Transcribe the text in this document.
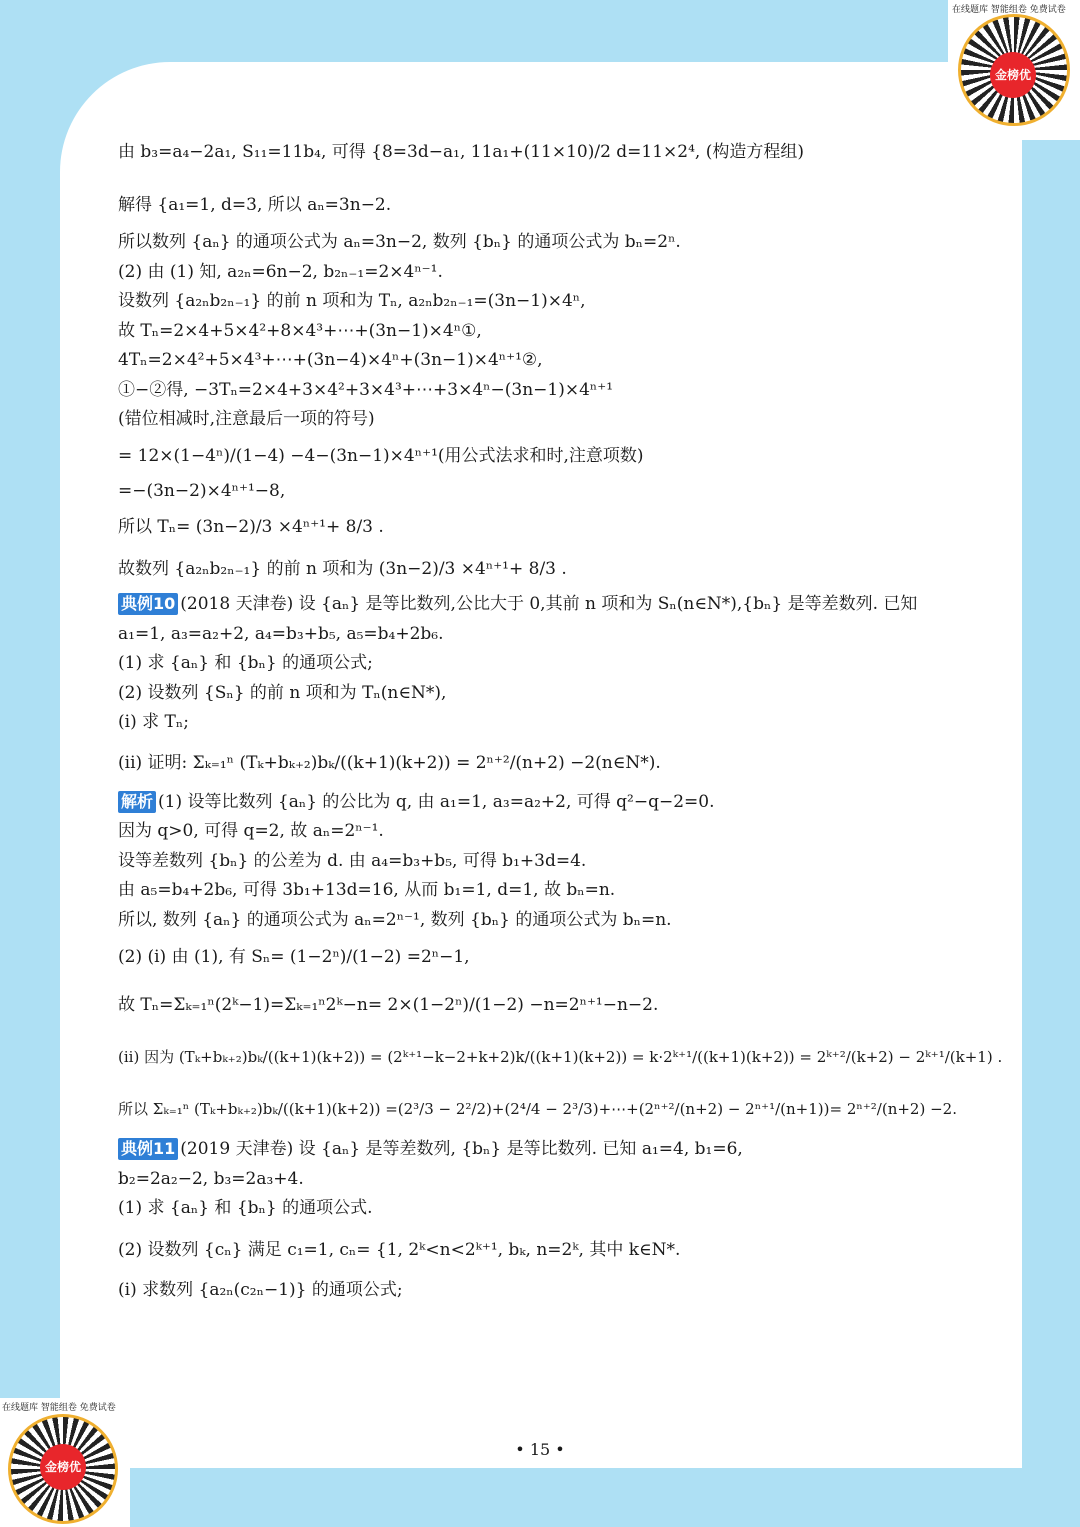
由 b₃=a₄−2a₁, S₁₁=11b₄, 可得 {8=3d−a₁, 11a₁+(11×10)/2 d=11×2⁴, (构造方程组)
解得 {a₁=1, d=3, 所以 aₙ=3n−2.
所以数列 {aₙ} 的通项公式为 aₙ=3n−2, 数列 {bₙ} 的通项公式为 bₙ=2ⁿ.
(2) 由 (1) 知, a₂ₙ=6n−2, b₂ₙ₋₁=2×4ⁿ⁻¹.
设数列 {a₂ₙb₂ₙ₋₁} 的前 n 项和为 Tₙ, a₂ₙb₂ₙ₋₁=(3n−1)×4ⁿ,
故 Tₙ=2×4+5×4²+8×4³+⋯+(3n−1)×4ⁿ①,
4Tₙ=2×4²+5×4³+⋯+(3n−4)×4ⁿ+(3n−1)×4ⁿ⁺¹②,
①−②得, −3Tₙ=2×4+3×4²+3×4³+⋯+3×4ⁿ−(3n−1)×4ⁿ⁺¹
(错位相减时,注意最后一项的符号)
= 12×(1−4ⁿ)/(1−4) −4−(3n−1)×4ⁿ⁺¹(用公式法求和时,注意项数)
=−(3n−2)×4ⁿ⁺¹−8,
所以 Tₙ= (3n−2)/3 ×4ⁿ⁺¹+ 8/3 .
故数列 {a₂ₙb₂ₙ₋₁} 的前 n 项和为 (3n−2)/3 ×4ⁿ⁺¹+ 8/3 .
典例10 (2018 天津卷) 设 {aₙ} 是等比数列,公比大于 0,其前 n 项和为 Sₙ(n∈N*),{bₙ} 是等差数列. 已知
a₁=1, a₃=a₂+2, a₄=b₃+b₅, a₅=b₄+2b₆.
(1) 求 {aₙ} 和 {bₙ} 的通项公式;
(2) 设数列 {Sₙ} 的前 n 项和为 Tₙ(n∈N*),
(i) 求 Tₙ;
(ii) 证明: Σₖ₌₁ⁿ (Tₖ+bₖ₊₂)bₖ/((k+1)(k+2)) = 2ⁿ⁺²/(n+2) −2(n∈N*).
解析 (1) 设等比数列 {aₙ} 的公比为 q, 由 a₁=1, a₃=a₂+2, 可得 q²−q−2=0.
因为 q>0, 可得 q=2, 故 aₙ=2ⁿ⁻¹.
设等差数列 {bₙ} 的公差为 d. 由 a₄=b₃+b₅, 可得 b₁+3d=4.
由 a₅=b₄+2b₆, 可得 3b₁+13d=16, 从而 b₁=1, d=1, 故 bₙ=n.
所以, 数列 {aₙ} 的通项公式为 aₙ=2ⁿ⁻¹, 数列 {bₙ} 的通项公式为 bₙ=n.
(2) (i) 由 (1), 有 Sₙ= (1−2ⁿ)/(1−2) =2ⁿ−1,
故 Tₙ=Σₖ₌₁ⁿ(2ᵏ−1)=Σₖ₌₁ⁿ2ᵏ−n= 2×(1−2ⁿ)/(1−2) −n=2ⁿ⁺¹−n−2.
(ii) 因为 (Tₖ+bₖ₊₂)bₖ/((k+1)(k+2)) = (2ᵏ⁺¹−k−2+k+2)k/((k+1)(k+2)) = k·2ᵏ⁺¹/((k+1)(k+2)) = 2ᵏ⁺²/(k+2) − 2ᵏ⁺¹/(k+1) .
所以 Σₖ₌₁ⁿ (Tₖ+bₖ₊₂)bₖ/((k+1)(k+2)) =(2³/3 − 2²/2)+(2⁴/4 − 2³/3)+⋯+(2ⁿ⁺²/(n+2) − 2ⁿ⁺¹/(n+1))= 2ⁿ⁺²/(n+2) −2.
典例11 (2019 天津卷) 设 {aₙ} 是等差数列, {bₙ} 是等比数列. 已知 a₁=4, b₁=6,
b₂=2a₂−2, b₃=2a₃+4.
(1) 求 {aₙ} 和 {bₙ} 的通项公式.
(2) 设数列 {cₙ} 满足 c₁=1, cₙ= {1, 2ᵏ<n<2ᵏ⁺¹, bₖ, n=2ᵏ, 其中 k∈N*.
(i) 求数列 {a₂ₙ(c₂ₙ−1)} 的通项公式;
• 15 •
金榜优
在线题库 智能组卷 免费试卷
金榜优
在线题库 智能组卷 免费试卷
